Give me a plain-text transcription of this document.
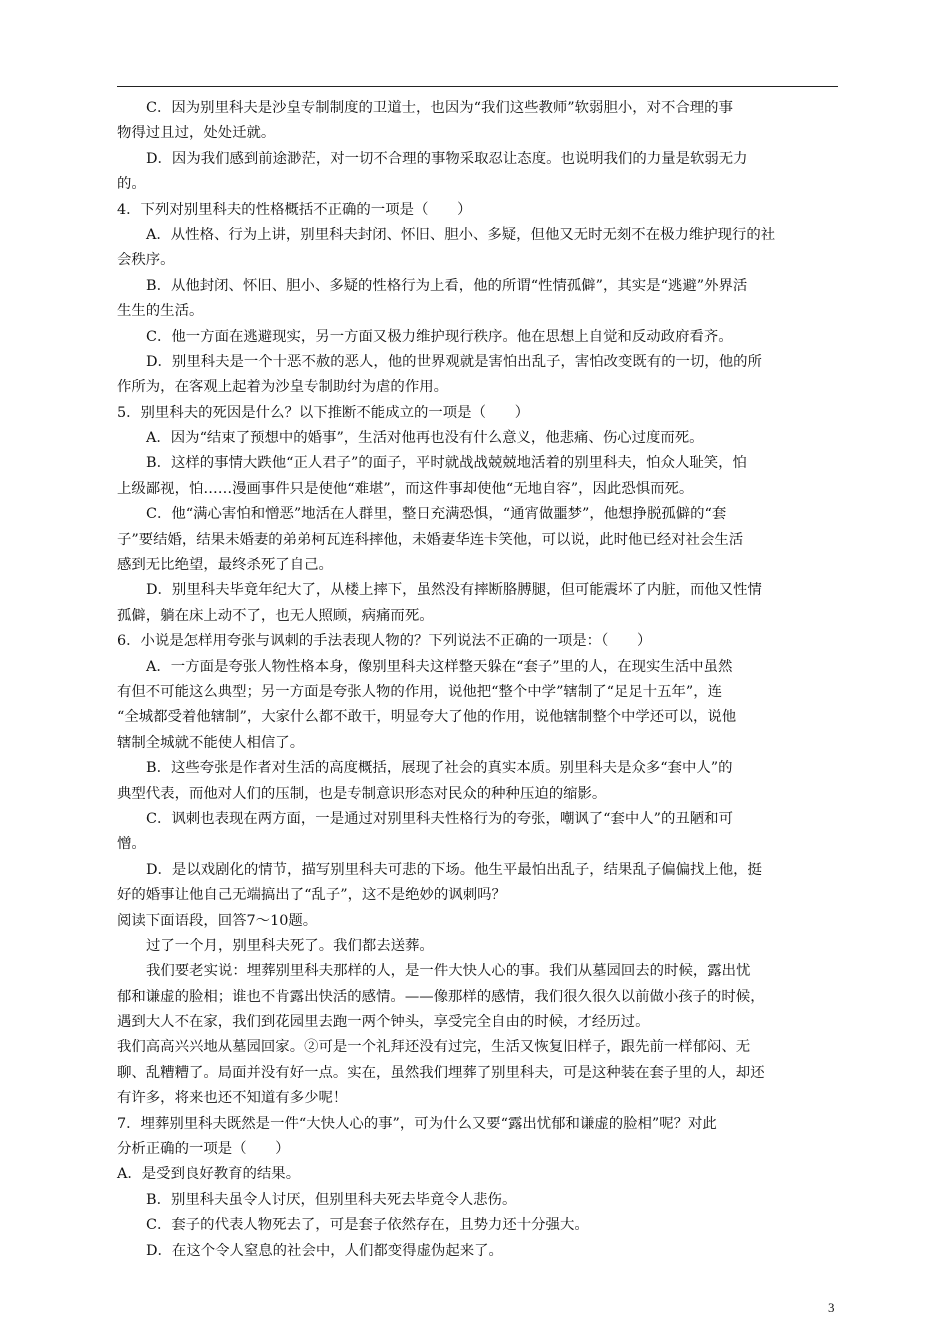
C．因为别里科夫是沙皇专制制度的卫道士，也因为“我们这些教师”软弱胆小，对不合理的事
物得过且过，处处迁就。
D．因为我们感到前途渺茫，对一切不合理的事物采取忍让态度。也说明我们的力量是软弱无力
的。
4．下列对别里科夫的性格概括不正确的一项是（　　）
A．从性格、行为上讲，别里科夫封闭、怀旧、胆小、多疑，但他又无时无刻不在极力维护现行的社
会秩序。
B．从他封闭、怀旧、胆小、多疑的性格行为上看，他的所谓“性情孤僻”，其实是“逃避”外界活
生生的生活。
C．他一方面在逃避现实，另一方面又极力维护现行秩序。他在思想上自觉和反动政府看齐。
D．别里科夫是一个十恶不赦的恶人，他的世界观就是害怕出乱子，害怕改变既有的一切，他的所
作所为，在客观上起着为沙皇专制助纣为虐的作用。
5．别里科夫的死因是什么？以下推断不能成立的一项是（　　）
A．因为“结束了预想中的婚事”，生活对他再也没有什么意义，他悲痛、伤心过度而死。
B．这样的事情大跌他“正人君子”的面子，平时就战战兢兢地活着的别里科夫，怕众人耻笑，怕
上级鄙视，怕……漫画事件只是使他“难堪”，而这件事却使他“无地自容”，因此恐惧而死。
C．他“满心害怕和憎恶”地活在人群里，整日充满恐惧，“通宵做噩梦”，他想挣脱孤僻的“套
子”要结婚，结果未婚妻的弟弟柯瓦连科摔他，未婚妻华连卡笑他，可以说，此时他已经对社会生活
感到无比绝望，最终杀死了自己。
D．别里科夫毕竟年纪大了，从楼上摔下，虽然没有摔断胳膊腿，但可能震坏了内脏，而他又性情
孤僻，躺在床上动不了，也无人照顾，病痛而死。
6．小说是怎样用夸张与讽刺的手法表现人物的？下列说法不正确的一项是：（　　）
A．一方面是夸张人物性格本身，像别里科夫这样整天躲在“套子”里的人，在现实生活中虽然
有但不可能这么典型；另一方面是夸张人物的作用，说他把“整个中学”辖制了“足足十五年”，连
“全城都受着他辖制”，大家什么都不敢干，明显夸大了他的作用，说他辖制整个中学还可以，说他
辖制全城就不能使人相信了。
B．这些夸张是作者对生活的高度概括，展现了社会的真实本质。别里科夫是众多“套中人”的
典型代表，而他对人们的压制，也是专制意识形态对民众的种种压迫的缩影。
C．讽刺也表现在两方面，一是通过对别里科夫性格行为的夸张，嘲讽了“套中人”的丑陋和可
憎。
D．是以戏剧化的情节，描写别里科夫可悲的下场。他生平最怕出乱子，结果乱子偏偏找上他，挺
好的婚事让他自己无端搞出了“乱子”，这不是绝妙的讽刺吗？
阅读下面语段，回答7～10题。
过了一个月，别里科夫死了。我们都去送葬。
我们要老实说：埋葬别里科夫那样的人，是一件大快人心的事。我们从墓园回去的时候，露出忧
郁和谦虚的脸相；谁也不肯露出快活的感情。——像那样的感情，我们很久很久以前做小孩子的时候，
遇到大人不在家，我们到花园里去跑一两个钟头，享受完全自由的时候，才经历过。
我们高高兴兴地从墓园回家。②可是一个礼拜还没有过完，生活又恢复旧样子，跟先前一样郁闷、无
聊、乱糟糟了。局面并没有好一点。实在，虽然我们埋葬了别里科夫，可是这种装在套子里的人，却还
有许多，将来也还不知道有多少呢！
7．埋葬别里科夫既然是一件“大快人心的事”，可为什么又要“露出忧郁和谦虚的脸相”呢？对此
分析正确的一项是（　　）
A．是受到良好教育的结果。
B．别里科夫虽令人讨厌，但别里科夫死去毕竟令人悲伤。
C．套子的代表人物死去了，可是套子依然存在，且势力还十分强大。
D．在这个令人窒息的社会中，人们都变得虚伪起来了。
3
